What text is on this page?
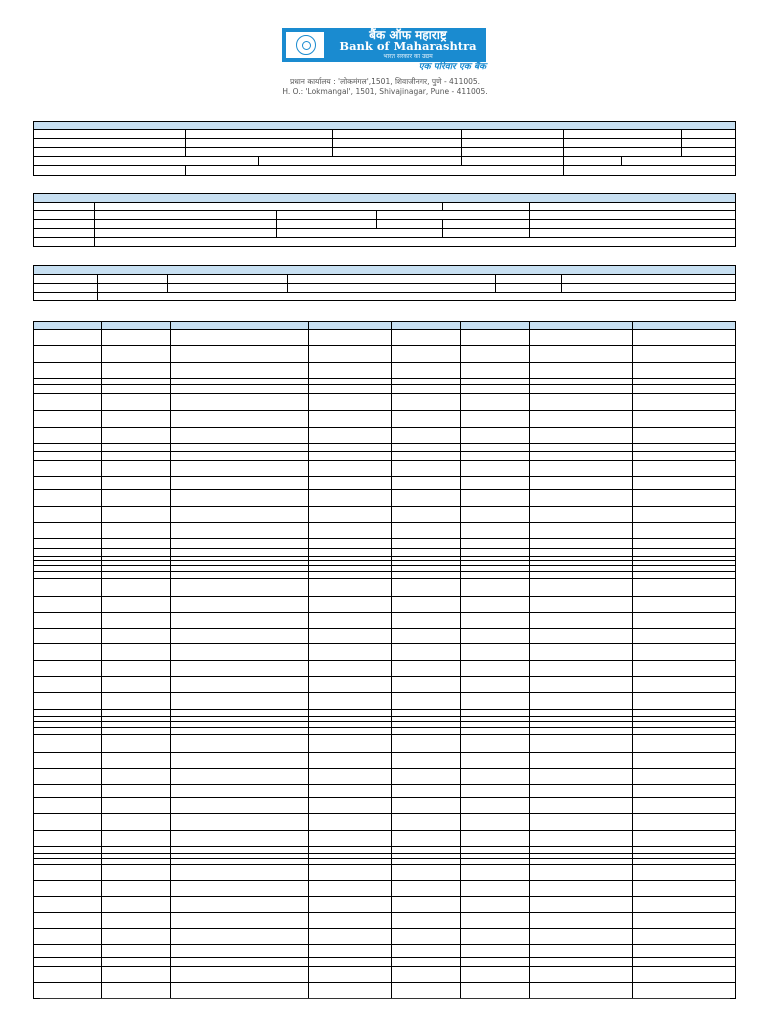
बैंक ऑफ महाराष्ट्र
Bank of Maharashtra
भारत सरकार का उद्यम
एक परिवार एक बैंक
प्रधान कार्यालय : 'लोकमंगल',1501, शिवाजीनगर, पुणे - 411005.
H. O.: 'Lokmangal', 1501, Shivajinagar, Pune - 411005.
